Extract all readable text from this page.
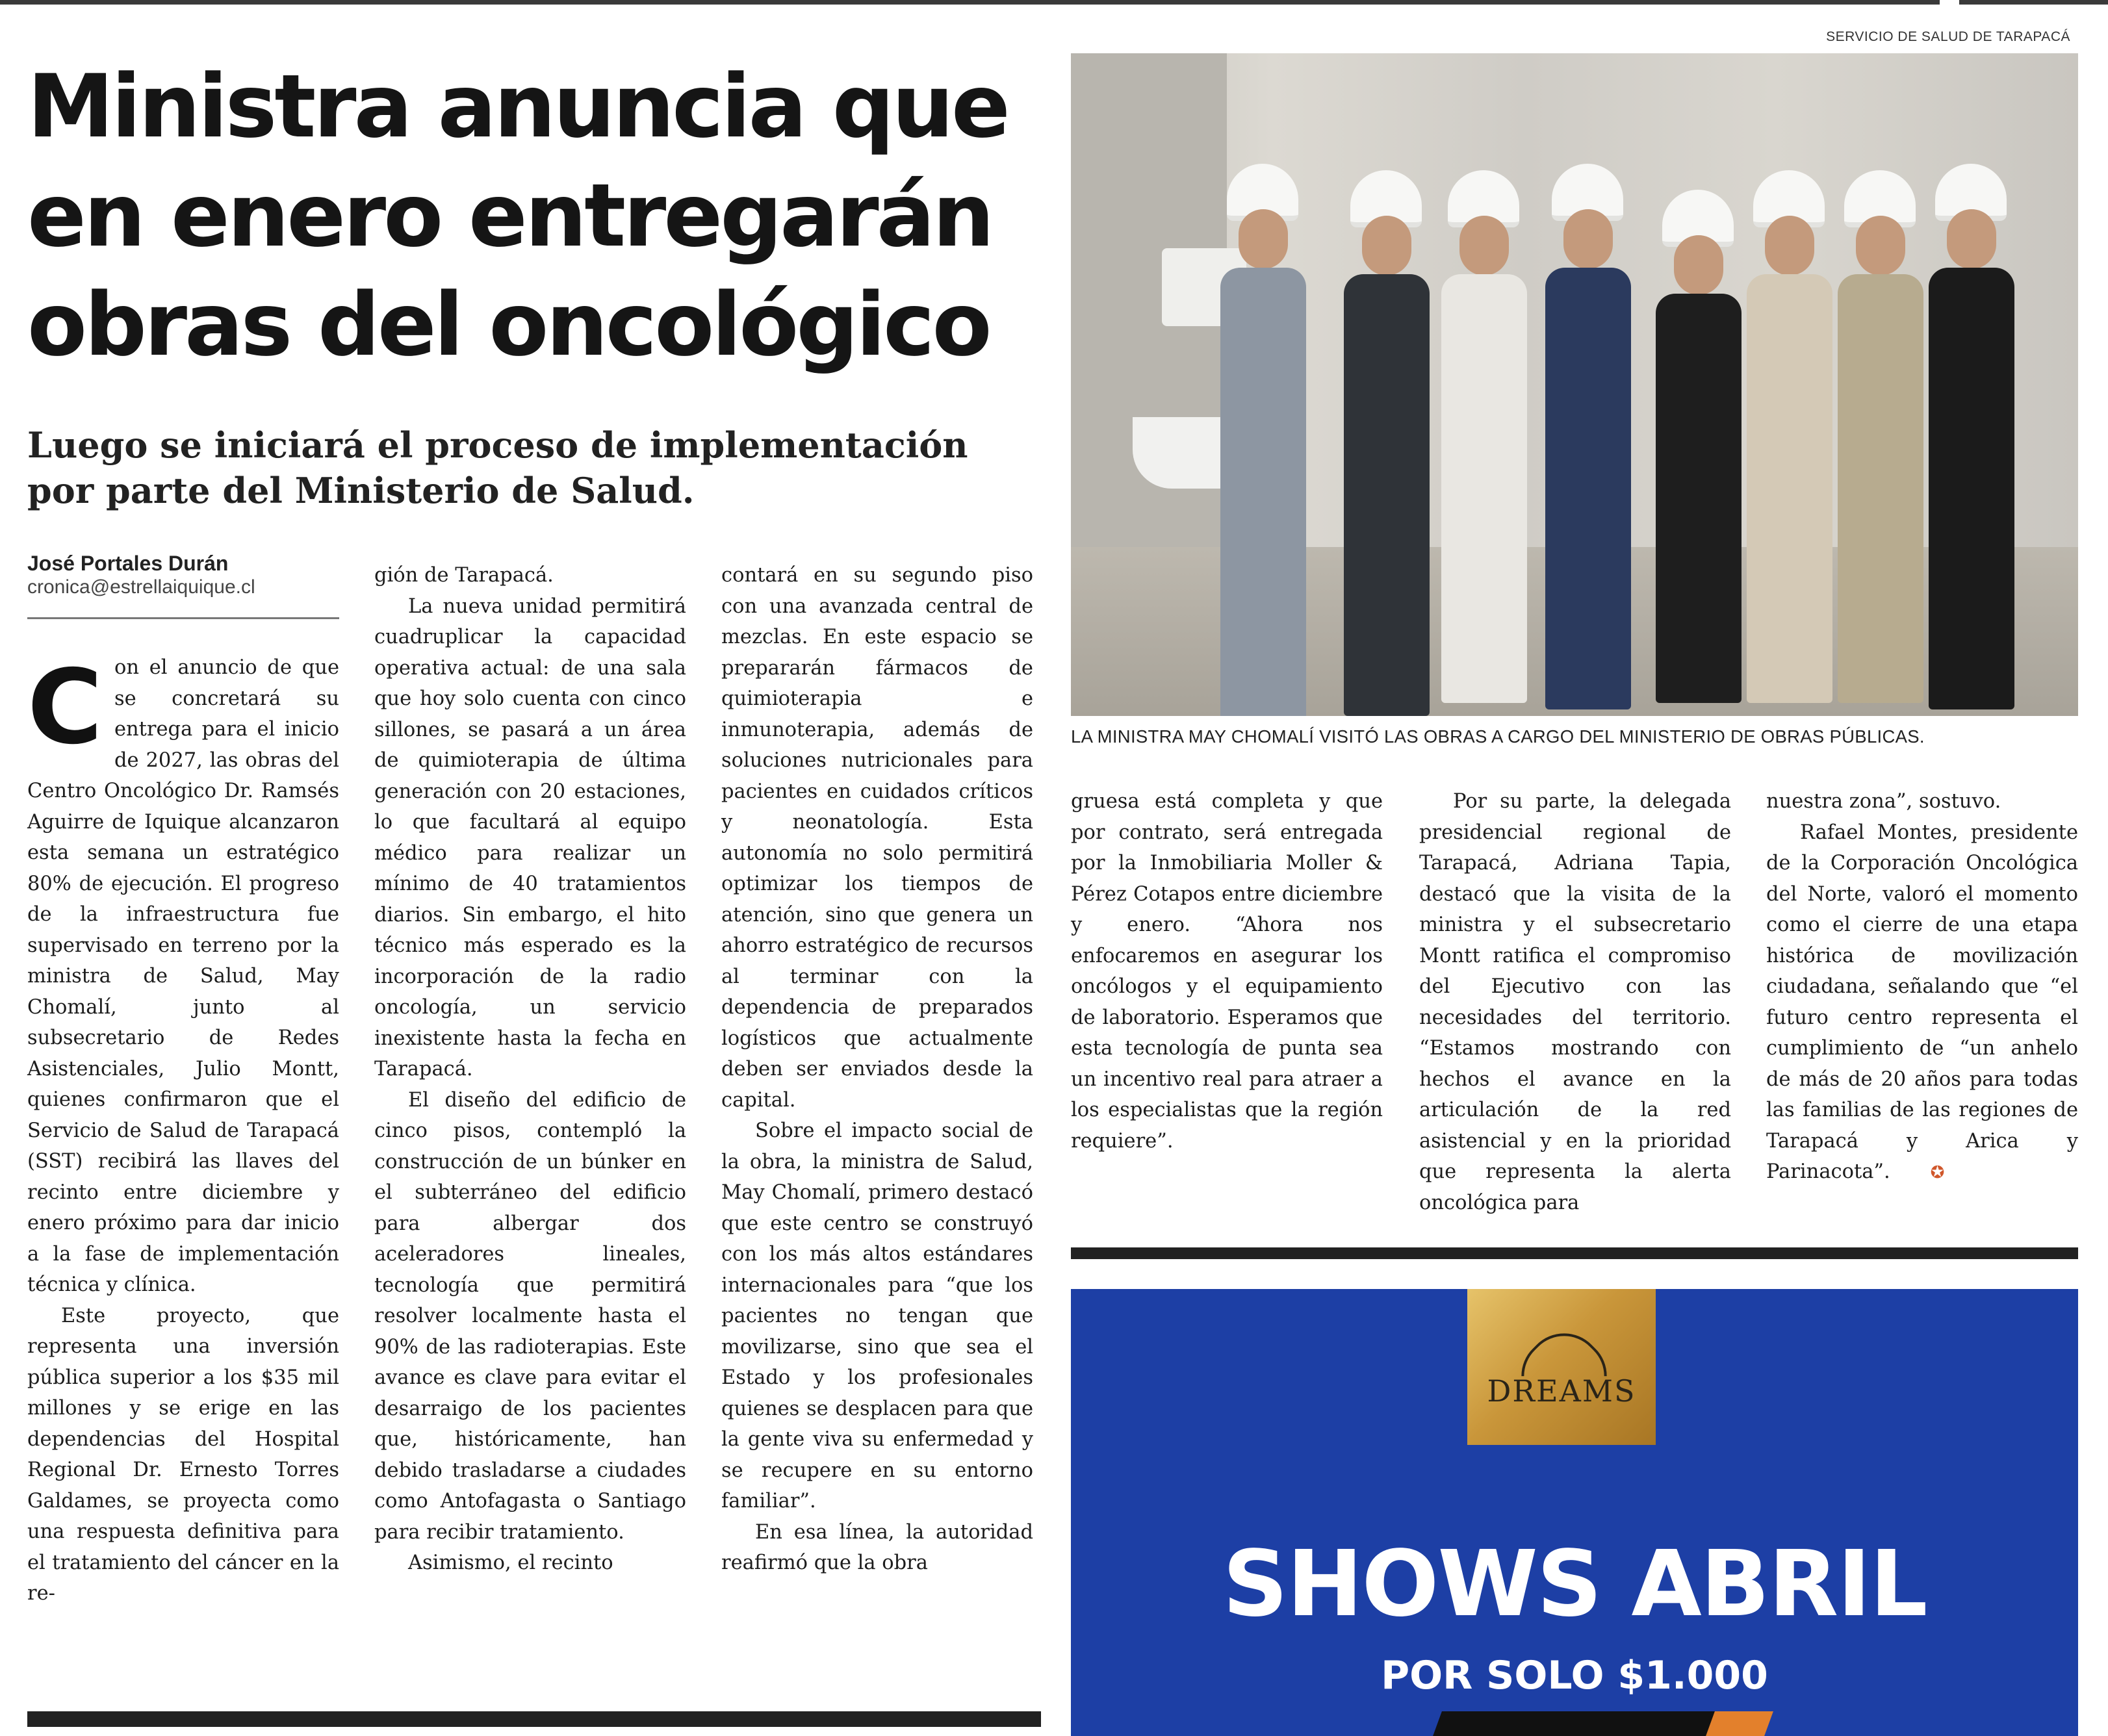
Ministra anuncia que
en enero entregarán
obras del oncológico

Luego se iniciará el proceso de implementación por parte del Ministerio de Salud.

José Portales Durán
cronica@estrellaiquique.cl

Con el anuncio de que se concretará su entrega para el inicio de 2027, las obras del Centro Oncológico Dr. Ramsés Aguirre de Iquique alcanzaron esta semana un estratégico 80% de ejecución. El progreso de la infraestructura fue supervisado en terreno por la ministra de Salud, May Chomalí, junto al subsecretario de Redes Asistenciales, Julio Montt, quienes confirmaron que el Servicio de Salud de Tarapacá (SST) recibirá las llaves del recinto entre diciembre y enero próximo para dar inicio a la fase de implementación técnica y clínica.

Este proyecto, que representa una inversión pública superior a los $35 mil millones y se erige en las dependencias del Hospital Regional Dr. Ernesto Torres Galdames, se proyecta como una respuesta definitiva para el tratamiento del cáncer en la re-

gión de Tarapacá.

La nueva unidad permitirá cuadruplicar la capacidad operativa actual: de una sala que hoy solo cuenta con cinco sillones, se pasará a un área de quimioterapia de última generación con 20 estaciones, lo que facultará al equipo médico para realizar un mínimo de 40 tratamientos diarios. Sin embargo, el hito técnico más esperado es la incorporación de la radio oncología, un servicio inexistente hasta la fecha en Tarapacá.

El diseño del edificio de cinco pisos, contempló la construcción de un búnker en el subterráneo del edificio para albergar dos aceleradores lineales, tecnología que permitirá resolver localmente hasta el 90% de las radioterapias. Este avance es clave para evitar el desarraigo de los pacientes que, históricamente, han debido trasladarse a ciudades como Antofagasta o Santiago para recibir tratamiento.

Asimismo, el recinto

contará en su segundo piso con una avanzada central de mezclas. En este espacio se prepararán fármacos de quimioterapia e inmunoterapia, además de soluciones nutricionales para pacientes en cuidados críticos y neonatología. Esta autonomía no solo permitirá optimizar los tiempos de atención, sino que genera un ahorro estratégico de recursos al terminar con la dependencia de preparados logísticos que actualmente deben ser enviados desde la capital.

Sobre el impacto social de la obra, la ministra de Salud, May Chomalí, primero destacó que este centro se construyó con los más altos estándares internacionales para “que los pacientes no tengan que movilizarse, sino que sea el Estado y los profesionales quienes se desplacen para que la gente viva su enfermedad y se recupere en su entorno familiar”.

En esa línea, la autoridad reafirmó que la obra

SERVICIO DE SALUD DE TARAPACÁ
LA MINISTRA MAY CHOMALÍ VISITÓ LAS OBRAS A CARGO DEL MINISTERIO DE OBRAS PÚBLICAS.

gruesa está completa y que por contrato, será entregada por la Inmobiliaria Moller & Pérez Cotapos entre diciembre y enero. “Ahora nos enfocaremos en asegurar los oncólogos y el equipamiento de laboratorio. Esperamos que esta tecnología de punta sea un incentivo real para atraer a los especialistas que la región requiere”.

Por su parte, la delegada presidencial regional de Tarapacá, Adriana Tapia, destacó que la visita de la ministra y el subsecretario Montt ratifica el compromiso del Ejecutivo con las necesidades del territorio. “Estamos mostrando con hechos el avance en la articulación de la red asistencial y en la prioridad que representa la alerta oncológica para

nuestra zona”, sostuvo.

Rafael Montes, presidente de la Corporación Oncológica del Norte, valoró el momento como el cierre de una etapa histórica de movilización ciudadana, señalando que “el futuro centro representa el cumplimiento de “un anhelo de más de 20 años para todas las familias de las regiones de Tarapacá y Arica y Parinacota”. ✪

DREAMS
SHOWS ABRIL
POR SOLO $1.000
